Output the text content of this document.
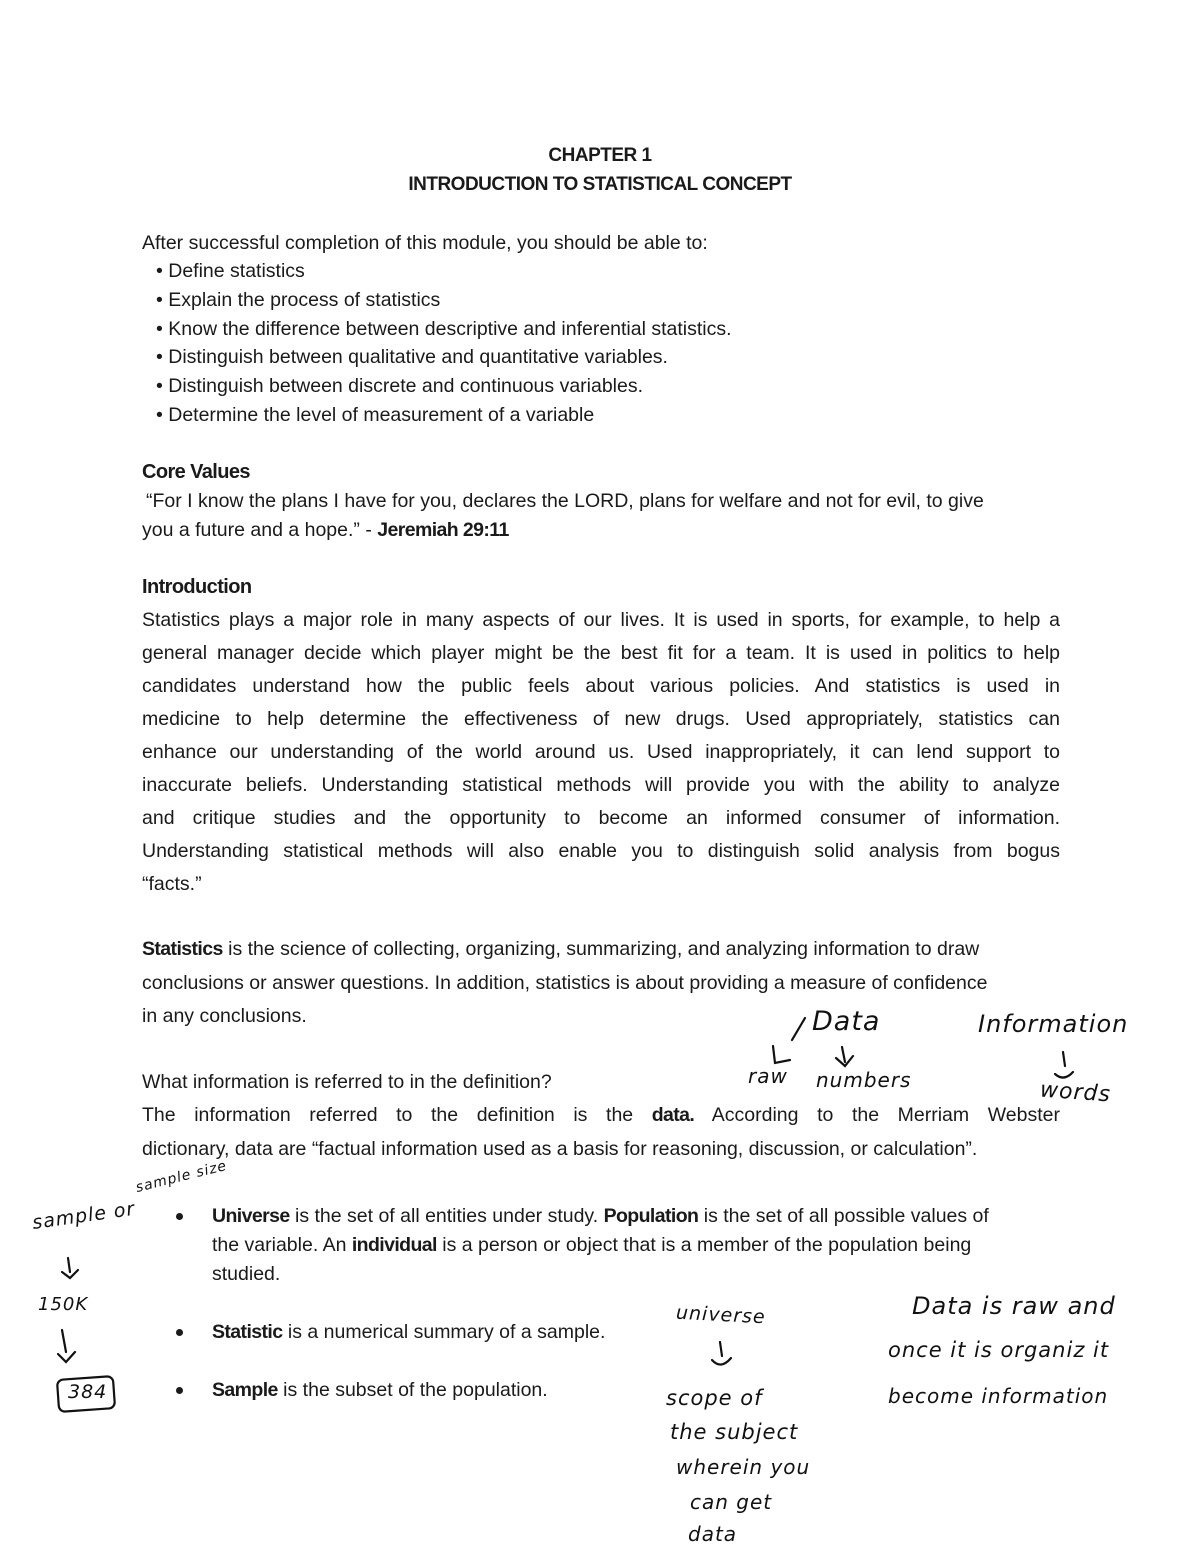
CHAPTER 1
INTRODUCTION TO STATISTICAL CONCEPT
After successful completion of this module, you should be able to:
• Define statistics
• Explain the process of statistics
• Know the difference between descriptive and inferential statistics.
• Distinguish between qualitative and quantitative variables.
• Distinguish between discrete and continuous variables.
• Determine the level of measurement of a variable
Core Values
“For I know the plans I have for you, declares the LORD, plans for welfare and not for evil, to give
you a future and a hope.” - Jeremiah 29:11
Introduction
Statistics plays a major role in many aspects of our lives. It is used in sports, for example, to help a
general manager decide which player might be the best fit for a team. It is used in politics to help
candidates understand how the public feels about various policies. And statistics is used in
medicine to help determine the effectiveness of new drugs. Used appropriately, statistics can
enhance our understanding of the world around us. Used inappropriately, it can lend support to
inaccurate beliefs. Understanding statistical methods will provide you with the ability to analyze
and critique studies and the opportunity to become an informed consumer of information.
Understanding statistical methods will also enable you to distinguish solid analysis from bogus
“facts.”
Statistics is the science of collecting, organizing, summarizing, and analyzing information to draw
conclusions or answer questions. In addition, statistics is about providing a measure of confidence
in any conclusions.
What information is referred to in the definition?
The information referred to the definition is the data. According to the Merriam Webster
dictionary, data are “factual information used as a basis for reasoning, discussion, or calculation”.
Universe is the set of all entities under study. Population is the set of all possible values of
the variable. An individual is a person or object that is a member of the population being
studied.
Statistic is a numerical summary of a sample.
Sample is the subset of the population.
Data
raw numbers
Information
words
sample or
sample size
150K
384
universe
scope of
the subject
wherein you
can get
data
Data is raw and
once it is organiz it
become information
